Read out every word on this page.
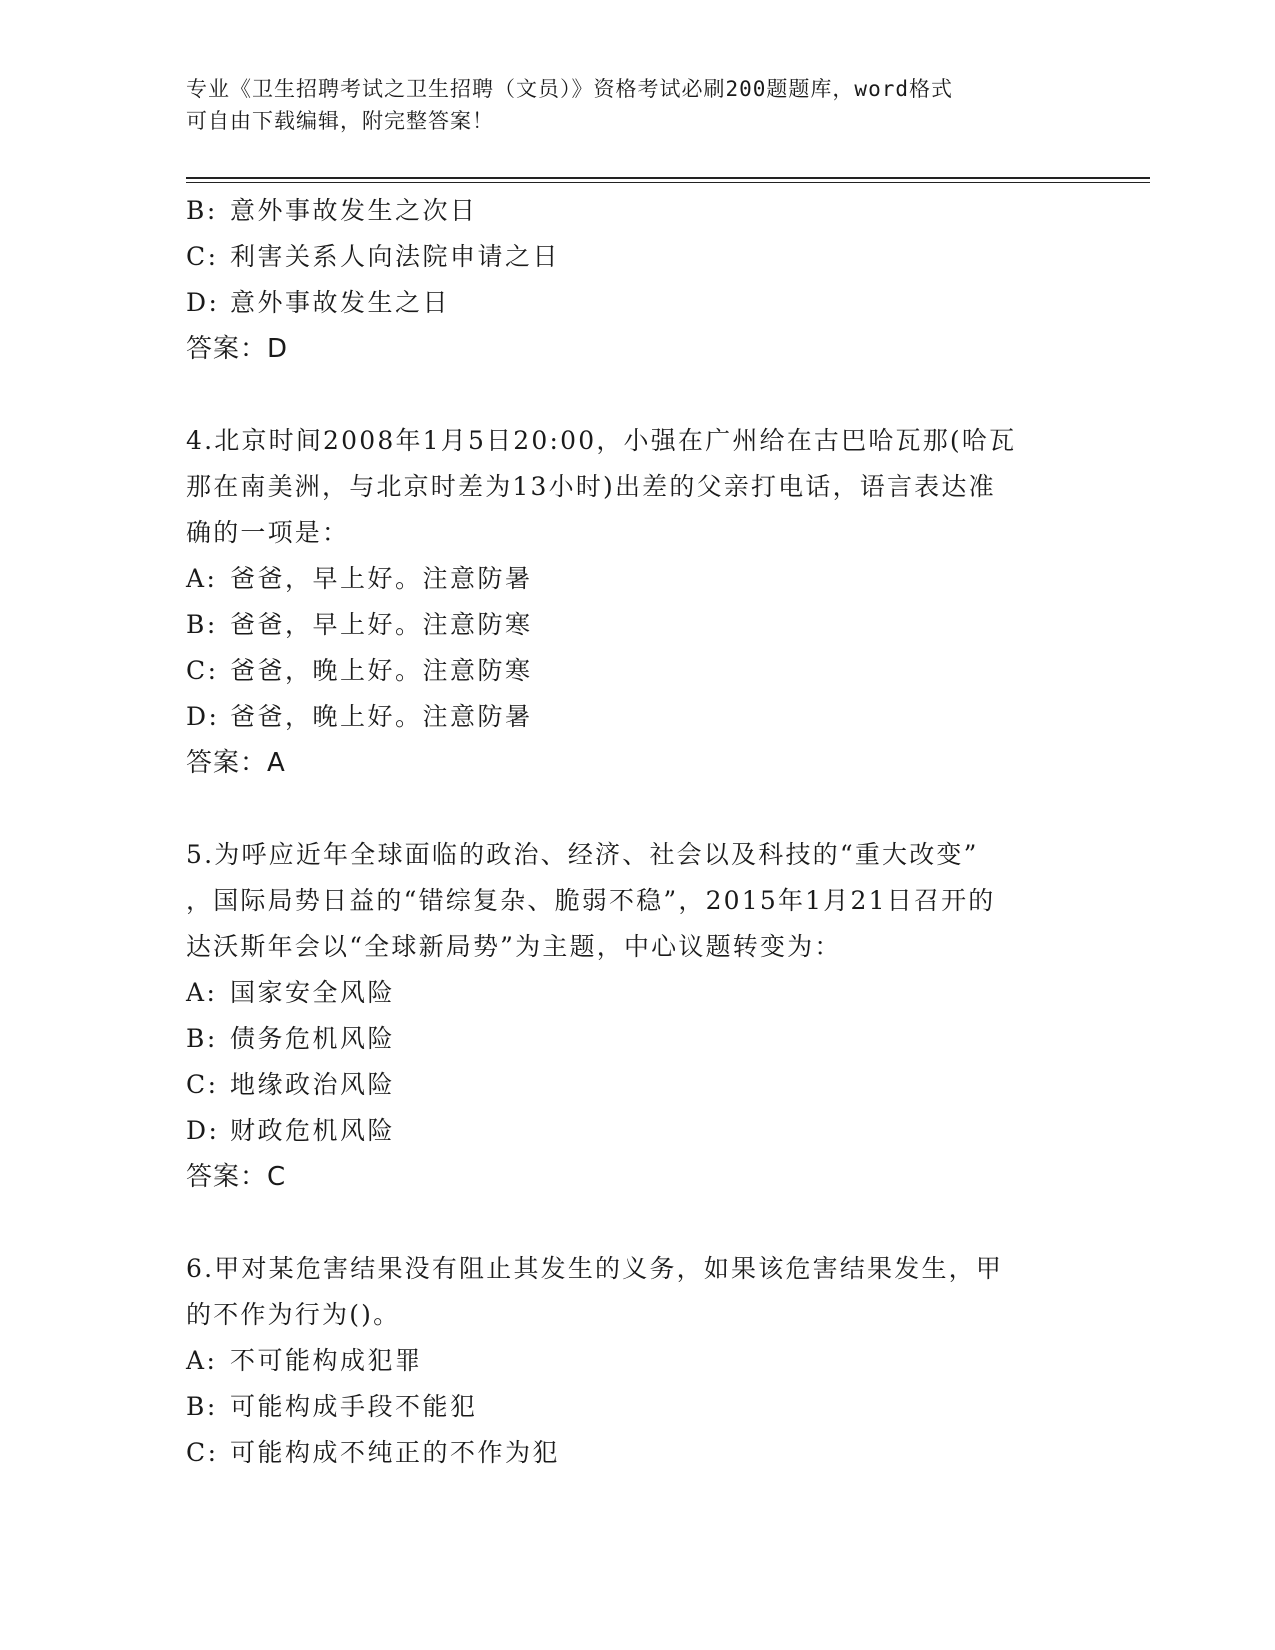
专业《卫生招聘考试之卫生招聘（文员）》资格考试必刷200题题库，word格式
可自由下载编辑，附完整答案！
B: 意外事故发生之次日
C: 利害关系人向法院申请之日
D: 意外事故发生之日
答案：D
4.北京时间2008年1月5日20:00，小强在广州给在古巴哈瓦那(哈瓦
那在南美洲，与北京时差为13小时)出差的父亲打电话，语言表达准
确的一项是：
A: 爸爸，早上好。注意防暑
B: 爸爸，早上好。注意防寒
C: 爸爸，晚上好。注意防寒
D: 爸爸，晚上好。注意防暑
答案：A
5.为呼应近年全球面临的政治、经济、社会以及科技的“重大改变”
，国际局势日益的“错综复杂、脆弱不稳”，2015年1月21日召开的
达沃斯年会以“全球新局势”为主题，中心议题转变为：
A: 国家安全风险
B: 债务危机风险
C: 地缘政治风险
D: 财政危机风险
答案：C
6.甲对某危害结果没有阻止其发生的义务，如果该危害结果发生，甲
的不作为行为()。
A: 不可能构成犯罪
B: 可能构成手段不能犯
C: 可能构成不纯正的不作为犯
